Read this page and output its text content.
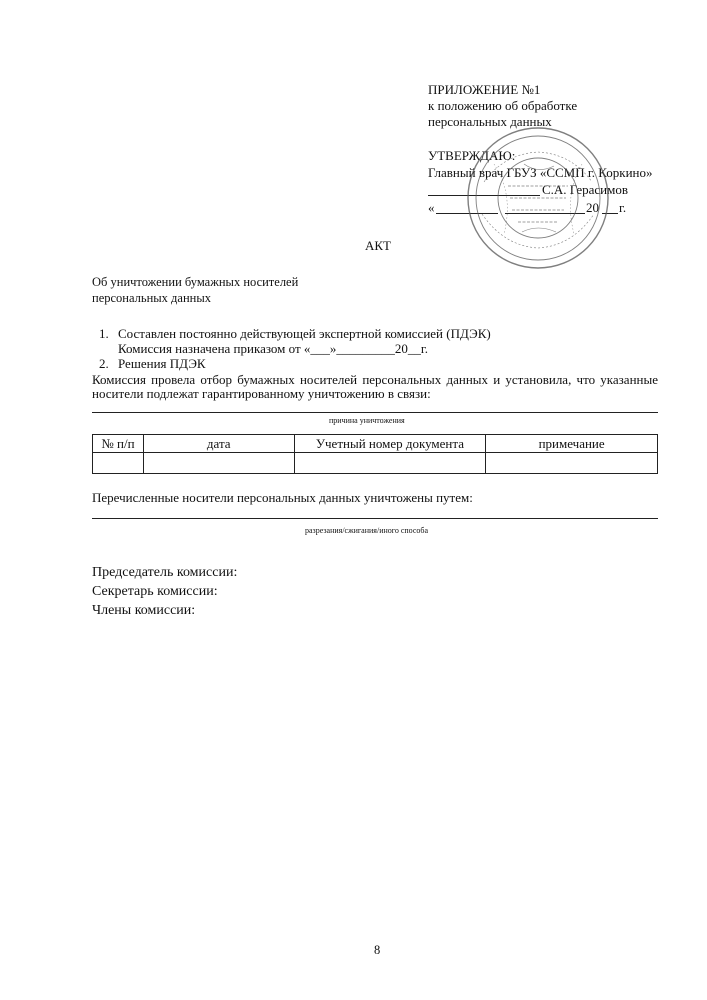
ПРИЛОЖЕНИЕ №1
к положению об обработке
персональных данных
УТВЕРЖДАЮ:
Главный врач ГБУЗ «ССМП г. Коркино»
С.А. Герасимов
«	20 г.
АКТ
Об уничтожении бумажных носителей
персональных данных
1. Составлен постоянно действующей экспертной комиссией (ПДЭК)
Комиссия назначена приказом от «___»_________20__г.
2. Решения ПДЭК
Комиссия провела отбор бумажных носителей персональных данных и установила, что указанные
носители подлежат гарантированному уничтожению в связи:
причина уничтожения
№ п/п	дата	Учетный номер документа	примечание

Перечисленные носители персональных данных уничтожены путем:
разрезания/сжигания/иного способа
Председатель комиссии:
Секретарь комиссии:
Члены комиссии:
8
